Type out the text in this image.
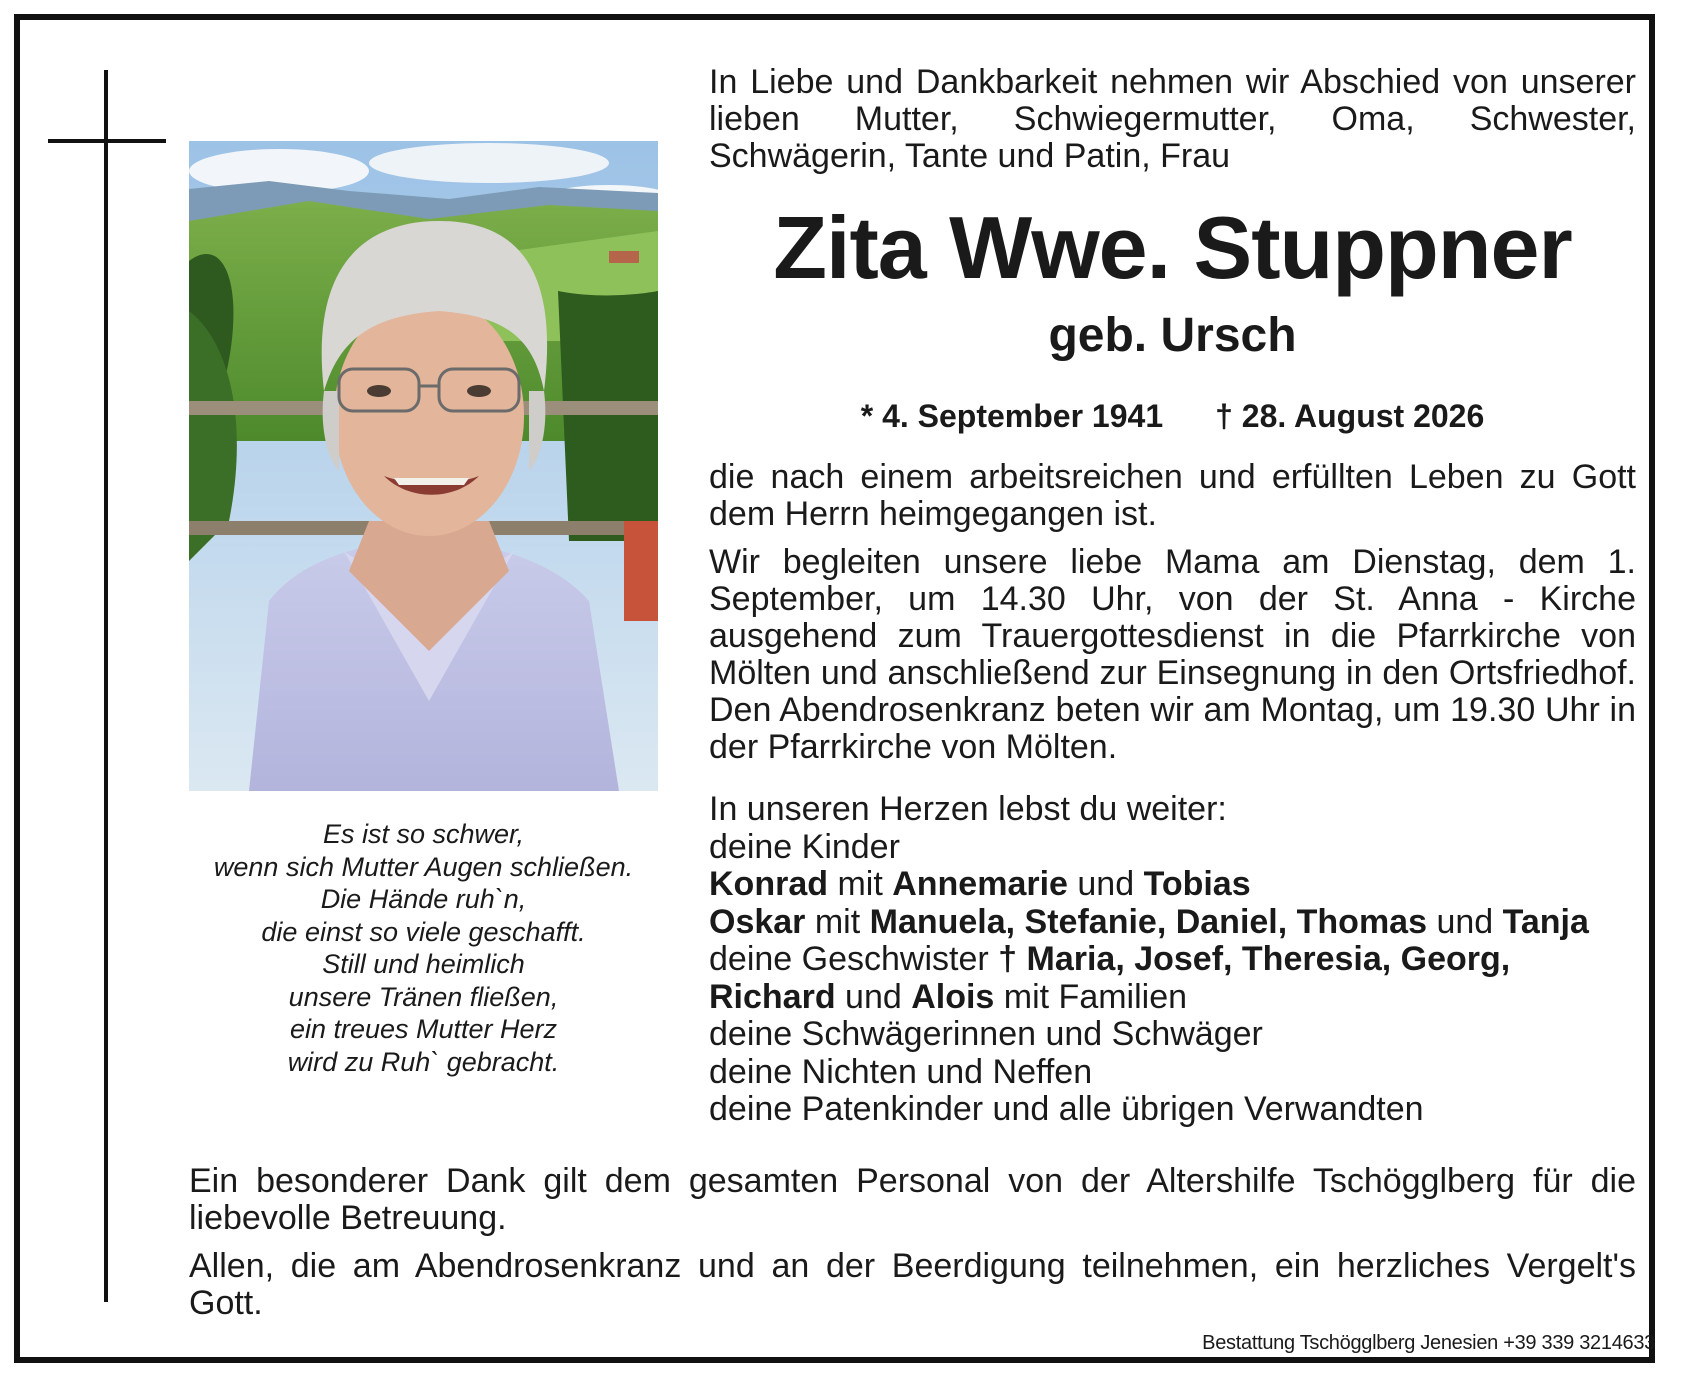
Es ist so schwer,
wenn sich Mutter Augen schließen.
Die Hände ruh`n,
die einst so viele geschafft.
Still und heimlich
unsere Tränen fließen,
ein treues Mutter Herz
wird zu Ruh` gebracht.
In Liebe und Dankbarkeit nehmen wir Abschied von unserer lieben Mutter, Schwiegermutter, Oma, Schwester, Schwägerin, Tante und Patin, Frau
Zita Wwe. Stuppner
geb. Ursch
* 4. September 1941 † 28. August 2026
die nach einem arbeitsreichen und erfüllten Leben zu Gott dem Herrn heimgegangen ist.
Wir begleiten unsere liebe Mama am Dienstag, dem 1. September, um 14.30 Uhr, von der St. Anna - Kirche ausgehend zum Trauergottesdienst in die Pfarrkirche von Mölten und anschließend zur Einsegnung in den Ortsfriedhof. Den Abendrosenkranz beten wir am Montag, um 19.30 Uhr in der Pfarrkirche von Mölten.
In unseren Herzen lebst du weiter:
deine Kinder
Konrad mit Annemarie und Tobias
Oskar mit Manuela, Stefanie, Daniel, Thomas und Tanja
deine Geschwister † Maria, Josef, Theresia, Georg,
Richard und Alois mit Familien
deine Schwägerinnen und Schwäger
deine Nichten und Neffen
deine Patenkinder und alle übrigen Verwandten
Ein besonderer Dank gilt dem gesamten Personal von der Altershilfe Tschögglberg für die liebevolle Betreuung.
Allen, die am Abendrosenkranz und an der Beerdigung teilnehmen, ein herzliches Vergelt's Gott.
Bestattung Tschögglberg Jenesien +39 339 3214633
